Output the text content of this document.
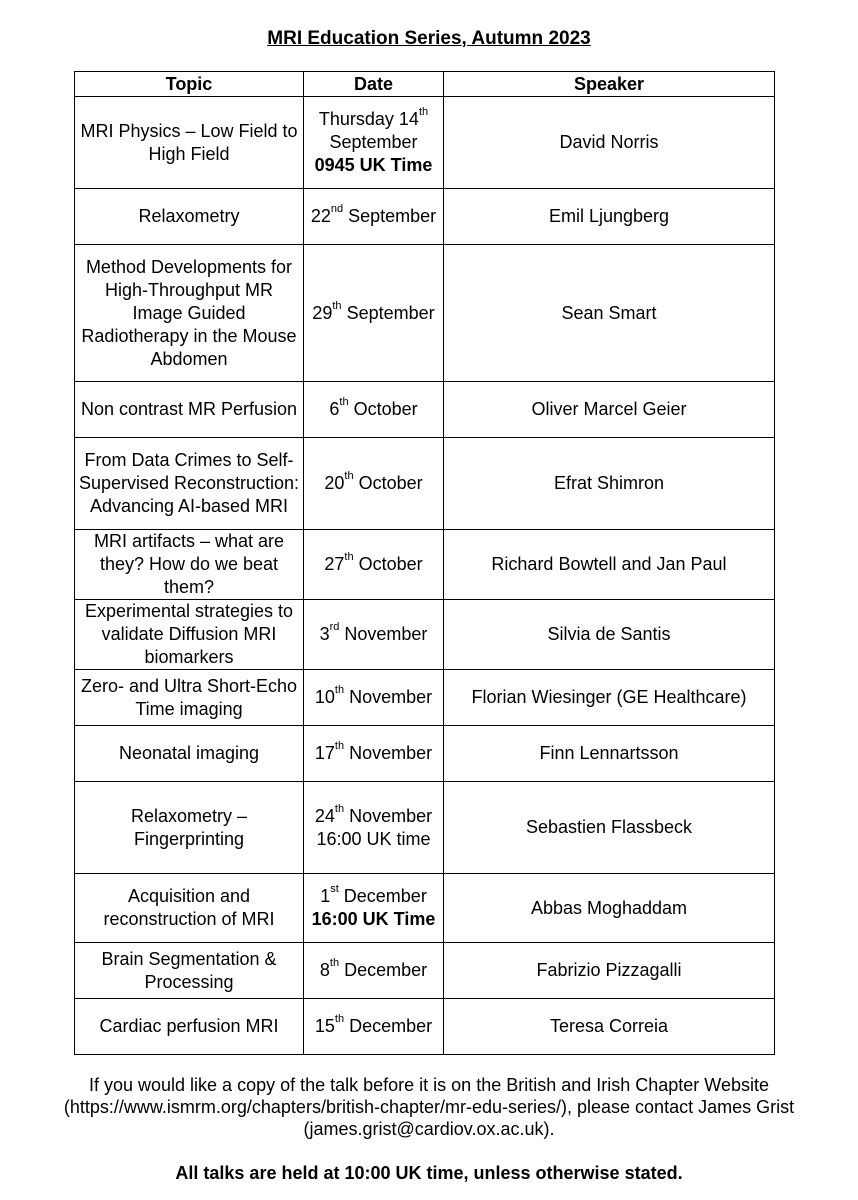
MRI Education Series, Autumn 2023
Topic	Date	Speaker
MRI Physics – Low Field to High Field	Thursday 14th September 0945 UK Time	David Norris
Relaxometry	22nd September	Emil Ljungberg
Method Developments for High-Throughput MR Image Guided Radiotherapy in the Mouse Abdomen	29th September	Sean Smart
Non contrast MR Perfusion	6th October	Oliver Marcel Geier
From Data Crimes to Self-Supervised Reconstruction: Advancing AI-based MRI	20th October	Efrat Shimron
MRI artifacts – what are they? How do we beat them?	27th October	Richard Bowtell and Jan Paul
Experimental strategies to validate Diffusion MRI biomarkers	3rd November	Silvia de Santis
Zero- and Ultra Short-Echo Time imaging	10th November	Florian Wiesinger (GE Healthcare)
Neonatal imaging	17th November	Finn Lennartsson
Relaxometry – Fingerprinting	24th November 16:00 UK time	Sebastien Flassbeck
Acquisition and reconstruction of MRI	1st December 16:00 UK Time	Abbas Moghaddam
Brain Segmentation & Processing	8th December	Fabrizio Pizzagalli
Cardiac perfusion MRI	15th December	Teresa Correia

If you would like a copy of the talk before it is on the British and Irish Chapter Website

(https://www.ismrm.org/chapters/british-chapter/mr-edu-series/), please contact James Grist

(james.grist@cardiov.ox.ac.uk).

All talks are held at 10:00 UK time, unless otherwise stated.
